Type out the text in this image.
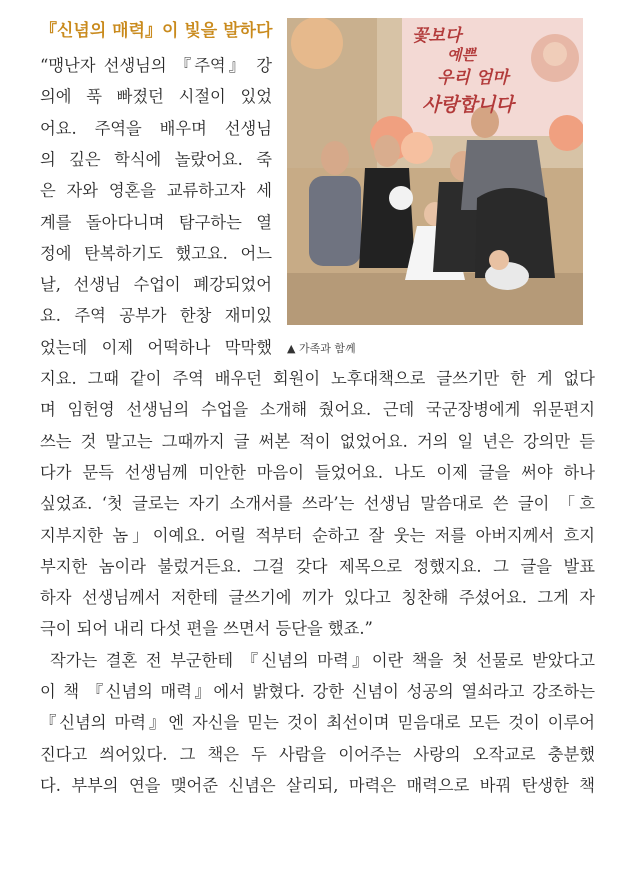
『신념의 매력』이 빛을 발하다
“맹난자 선생님의 『주역』 강
의에 푹 빠졌던 시절이 있었
어요. 주역을 배우며 선생님
의 깊은 학식에 놀랐어요. 죽
은 자와 영혼을 교류하고자 세
계를 돌아다니며 탐구하는 열
정에 탄복하기도 했고요. 어느
날, 선생님 수업이 폐강되었어
요. 주역 공부가 한창 재미있
었는데 이제 어떡하나 막막했
꽃보다
예쁜
우리 엄마
사랑합니다
▲ 가족과 함께
지요. 그때 같이 주역 배우던 회원이 노후대책으로 글쓰기만 한 게 없다
며 임헌영 선생님의 수업을 소개해 줬어요. 근데 국군장병에게 위문편지
쓰는 것 말고는 그때까지 글 써본 적이 없었어요. 거의 일 년은 강의만 듣
다가 문득 선생님께 미안한 마음이 들었어요. 나도 이제 글을 써야 하나
싶었죠. ‘첫 글로는 자기 소개서를 쓰라’는 선생님 말씀대로 쓴 글이 「흐
지부지한 놈」이예요. 어릴 적부터 순하고 잘 웃는 저를 아버지께서 흐지
부지한 놈이라 불렀거든요. 그걸 갖다 제목으로 정했지요. 그 글을 발표
하자 선생님께서 저한테 글쓰기에 끼가 있다고 칭찬해 주셨어요. 그게 자
극이 되어 내리 다섯 편을 쓰면서 등단을 했죠.”
작가는 결혼 전 부군한테 『신념의 마력』이란 책을 첫 선물로 받았다고
이 책 『신념의 매력』에서 밝혔다. 강한 신념이 성공의 열쇠라고 강조하는
『신념의 마력』엔 자신을 믿는 것이 최선이며 믿음대로 모든 것이 이루어
진다고 씌어있다. 그 책은 두 사람을 이어주는 사랑의 오작교로 충분했
다. 부부의 연을 맺어준 신념은 살리되, 마력은 매력으로 바꿔 탄생한 책
